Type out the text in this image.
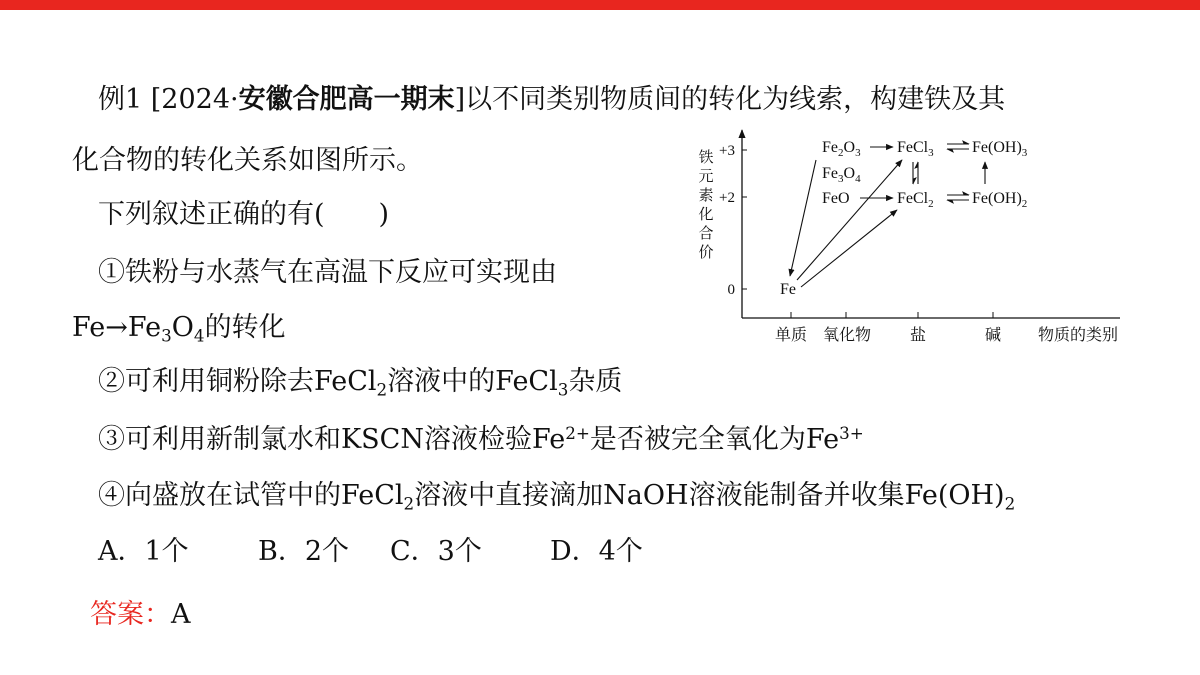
例1 [2024·安徽合肥高一期末]以不同类别物质间的转化为线索，构建铁及其
化合物的转化关系如图所示。
下列叙述正确的有(　　)
①铁粉与水蒸气在高温下反应可实现由
$Fe\to Fe_3O_4$的转化
②可利用铜粉除去FeCl$_2$溶液中的FeCl$_3$杂质
③可利用新制氯水和KSCN溶液检验$Fe^{2+}$是否被完全氧化为$Fe^{3+}$
④向盛放在试管中的FeCl$_2$溶液中直接滴加NaOH溶液能制备并收集$Fe(OH)_2$
A．1个	B．2个 C．3个	D．4个
答案：A
铁
元
素
化
合
价
+3
+2
0
单质 氧化物 盐	碱 物质的类别
Fe
$Fe_2O_3$
$Fe_3O_4$
FeO
FeCl$_3$
FeCl$_2$
$Fe(OH)_3$
$Fe(OH)_2$
